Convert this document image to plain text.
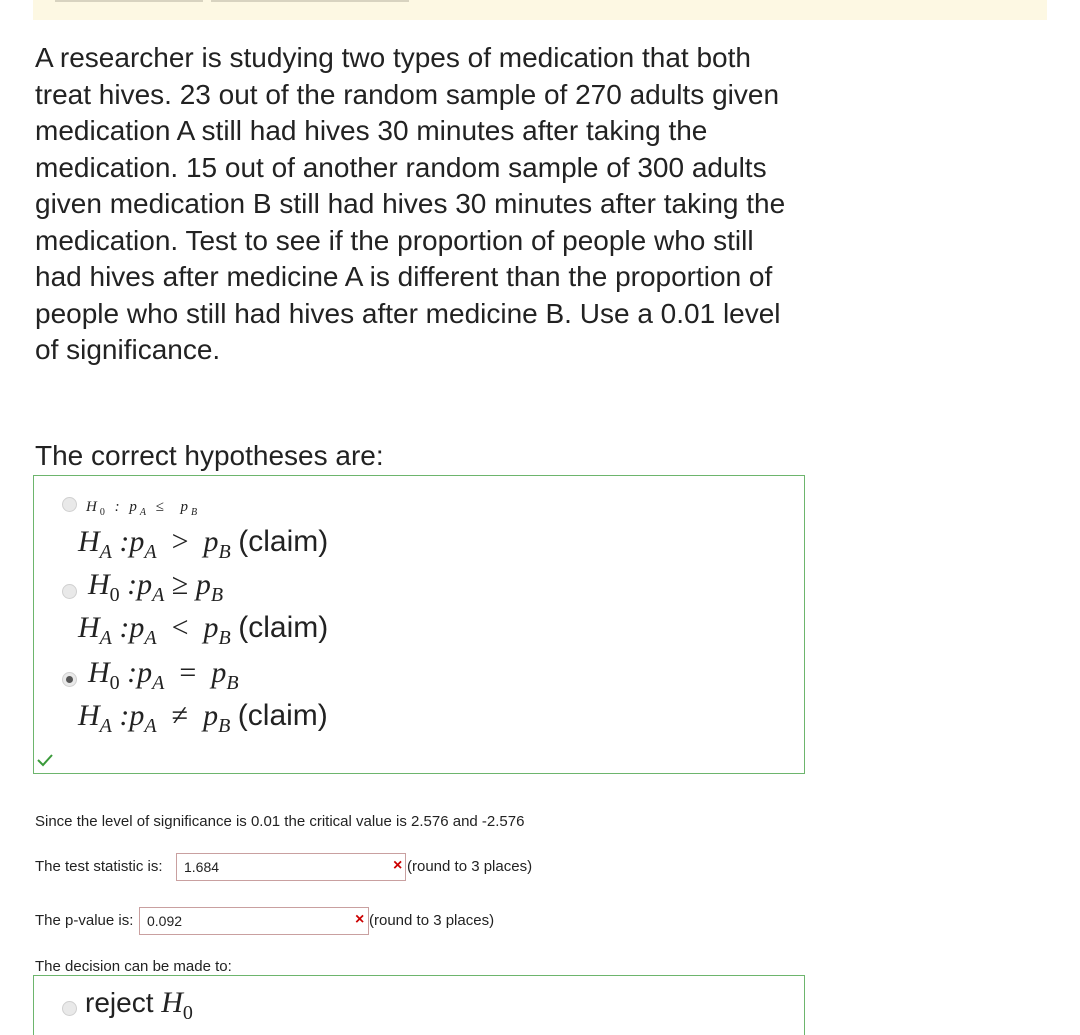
A researcher is studying two types of medication that both treat hives. 23 out of the random sample of 270 adults given medication A still had hives 30 minutes after taking the medication. 15 out of another random sample of 300 adults given medication B still had hives 30 minutes after taking the medication. Test to see if the proportion of people who still had hives after medicine A is different than the proportion of people who still had hives after medicine B. Use a 0.01 level of significance.
The correct hypotheses are:
$H_0$ : $p_A \le p_B$
$H_A$ $:p_A > p_B$ (claim)
$H_0$ $:p_A \ge p_B$
$H_A$ $:p_A < p_B$ (claim)
$H_0$ $:p_A = p_B$
$H_A$ $:p_A \ne p_B$ (claim)
Since the level of significance is 0.01 the critical value is 2.576 and -2.576
The test statistic is:	1.684	× (round to 3 places)
The p-value is: 0.092	× (round to 3 places)
The decision can be made to:
reject $H_0$
